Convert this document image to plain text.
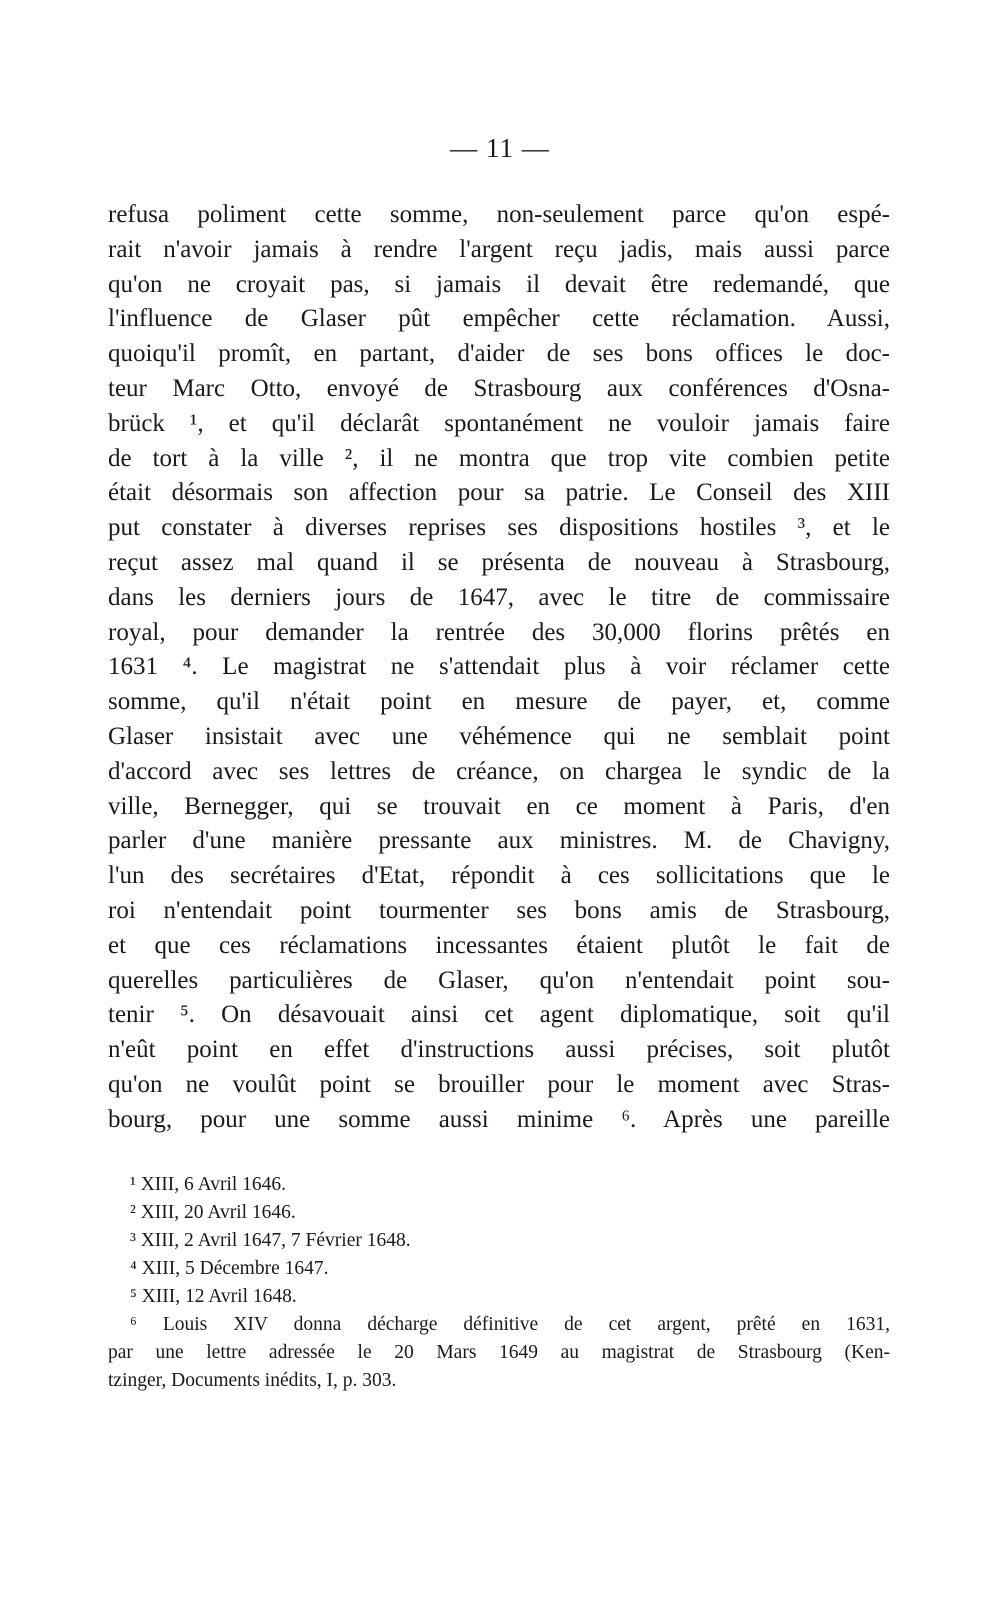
— 11 —
refusa poliment cette somme, non-seulement parce qu'on espé-
rait n'avoir jamais à rendre l'argent reçu jadis, mais aussi parce
qu'on ne croyait pas, si jamais il devait être redemandé, que
l'influence de Glaser pût empêcher cette réclamation. Aussi,
quoiqu'il promît, en partant, d'aider de ses bons offices le doc-
teur Marc Otto, envoyé de Strasbourg aux conférences d'Osna-
brück ¹, et qu'il déclarât spontanément ne vouloir jamais faire
de tort à la ville ², il ne montra que trop vite combien petite
était désormais son affection pour sa patrie. Le Conseil des XIII
put constater à diverses reprises ses dispositions hostiles ³, et le
reçut assez mal quand il se présenta de nouveau à Strasbourg,
dans les derniers jours de 1647, avec le titre de commissaire
royal, pour demander la rentrée des 30,000 florins prêtés en
1631 ⁴. Le magistrat ne s'attendait plus à voir réclamer cette
somme, qu'il n'était point en mesure de payer, et, comme
Glaser insistait avec une véhémence qui ne semblait point
d'accord avec ses lettres de créance, on chargea le syndic de la
ville, Bernegger, qui se trouvait en ce moment à Paris, d'en
parler d'une manière pressante aux ministres. M. de Chavigny,
l'un des secrétaires d'Etat, répondit à ces sollicitations que le
roi n'entendait point tourmenter ses bons amis de Strasbourg,
et que ces réclamations incessantes étaient plutôt le fait de
querelles particulières de Glaser, qu'on n'entendait point sou-
tenir ⁵. On désavouait ainsi cet agent diplomatique, soit qu'il
n'eût point en effet d'instructions aussi précises, soit plutôt
qu'on ne voulût point se brouiller pour le moment avec Stras-
bourg, pour une somme aussi minime ⁶. Après une pareille
¹ XIII, 6 Avril 1646.
² XIII, 20 Avril 1646.
³ XIII, 2 Avril 1647, 7 Février 1648.
⁴ XIII, 5 Décembre 1647.
⁵ XIII, 12 Avril 1648.
⁶ Louis XIV donna décharge définitive de cet argent, prêté en 1631,
par une lettre adressée le 20 Mars 1649 au magistrat de Strasbourg (Ken-
tzinger, Documents inédits, I, p. 303.
